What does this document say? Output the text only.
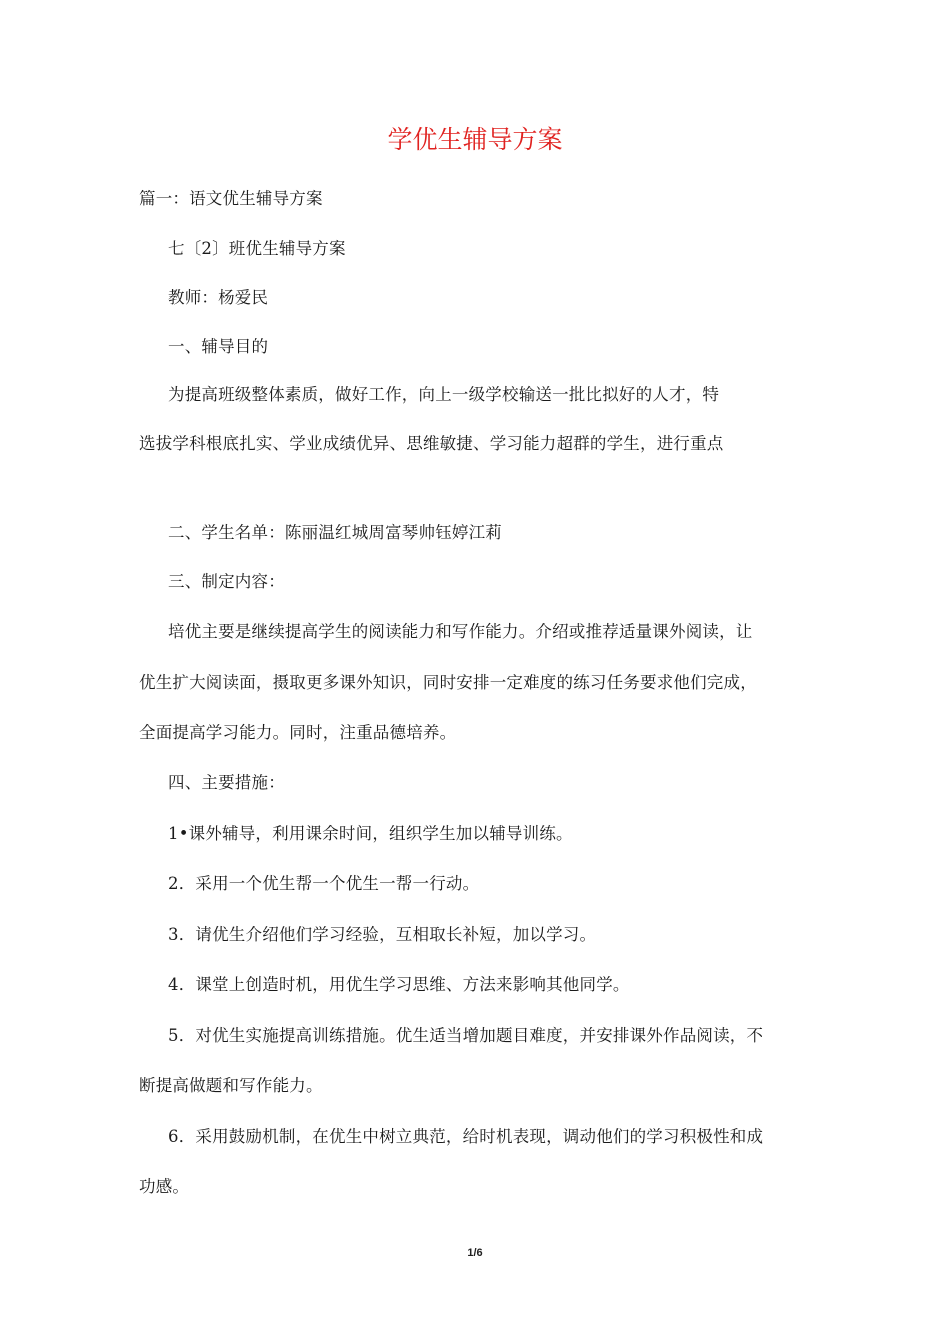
学优生辅导方案
篇一：语文优生辅导方案
七〔2〕班优生辅导方案
教师：杨爱民
一、辅导目的
为提高班级整体素质，做好工作，向上一级学校输送一批比拟好的人才，特
选拔学科根底扎实、学业成绩优异、思维敏捷、学习能力超群的学生，进行重点
二、学生名单：陈丽温红城周富琴帅钰婷江莉
三、制定内容：
培优主要是继续提高学生的阅读能力和写作能力。介绍或推荐适量课外阅读，让
优生扩大阅读面，摄取更多课外知识，同时安排一定难度的练习任务要求他们完成，
全面提高学习能力。同时，注重品德培养。
四、主要措施：
1•课外辅导，利用课余时间，组织学生加以辅导训练。
2．采用一个优生帮一个优生一帮一行动。
3．请优生介绍他们学习经验，互相取长补短，加以学习。
4．课堂上创造时机，用优生学习思维、方法来影响其他同学。
5．对优生实施提高训练措施。优生适当增加题目难度，并安排课外作品阅读，不
断提高做题和写作能力。
6．采用鼓励机制，在优生中树立典范，给时机表现，调动他们的学习积极性和成
功感。
1/6
